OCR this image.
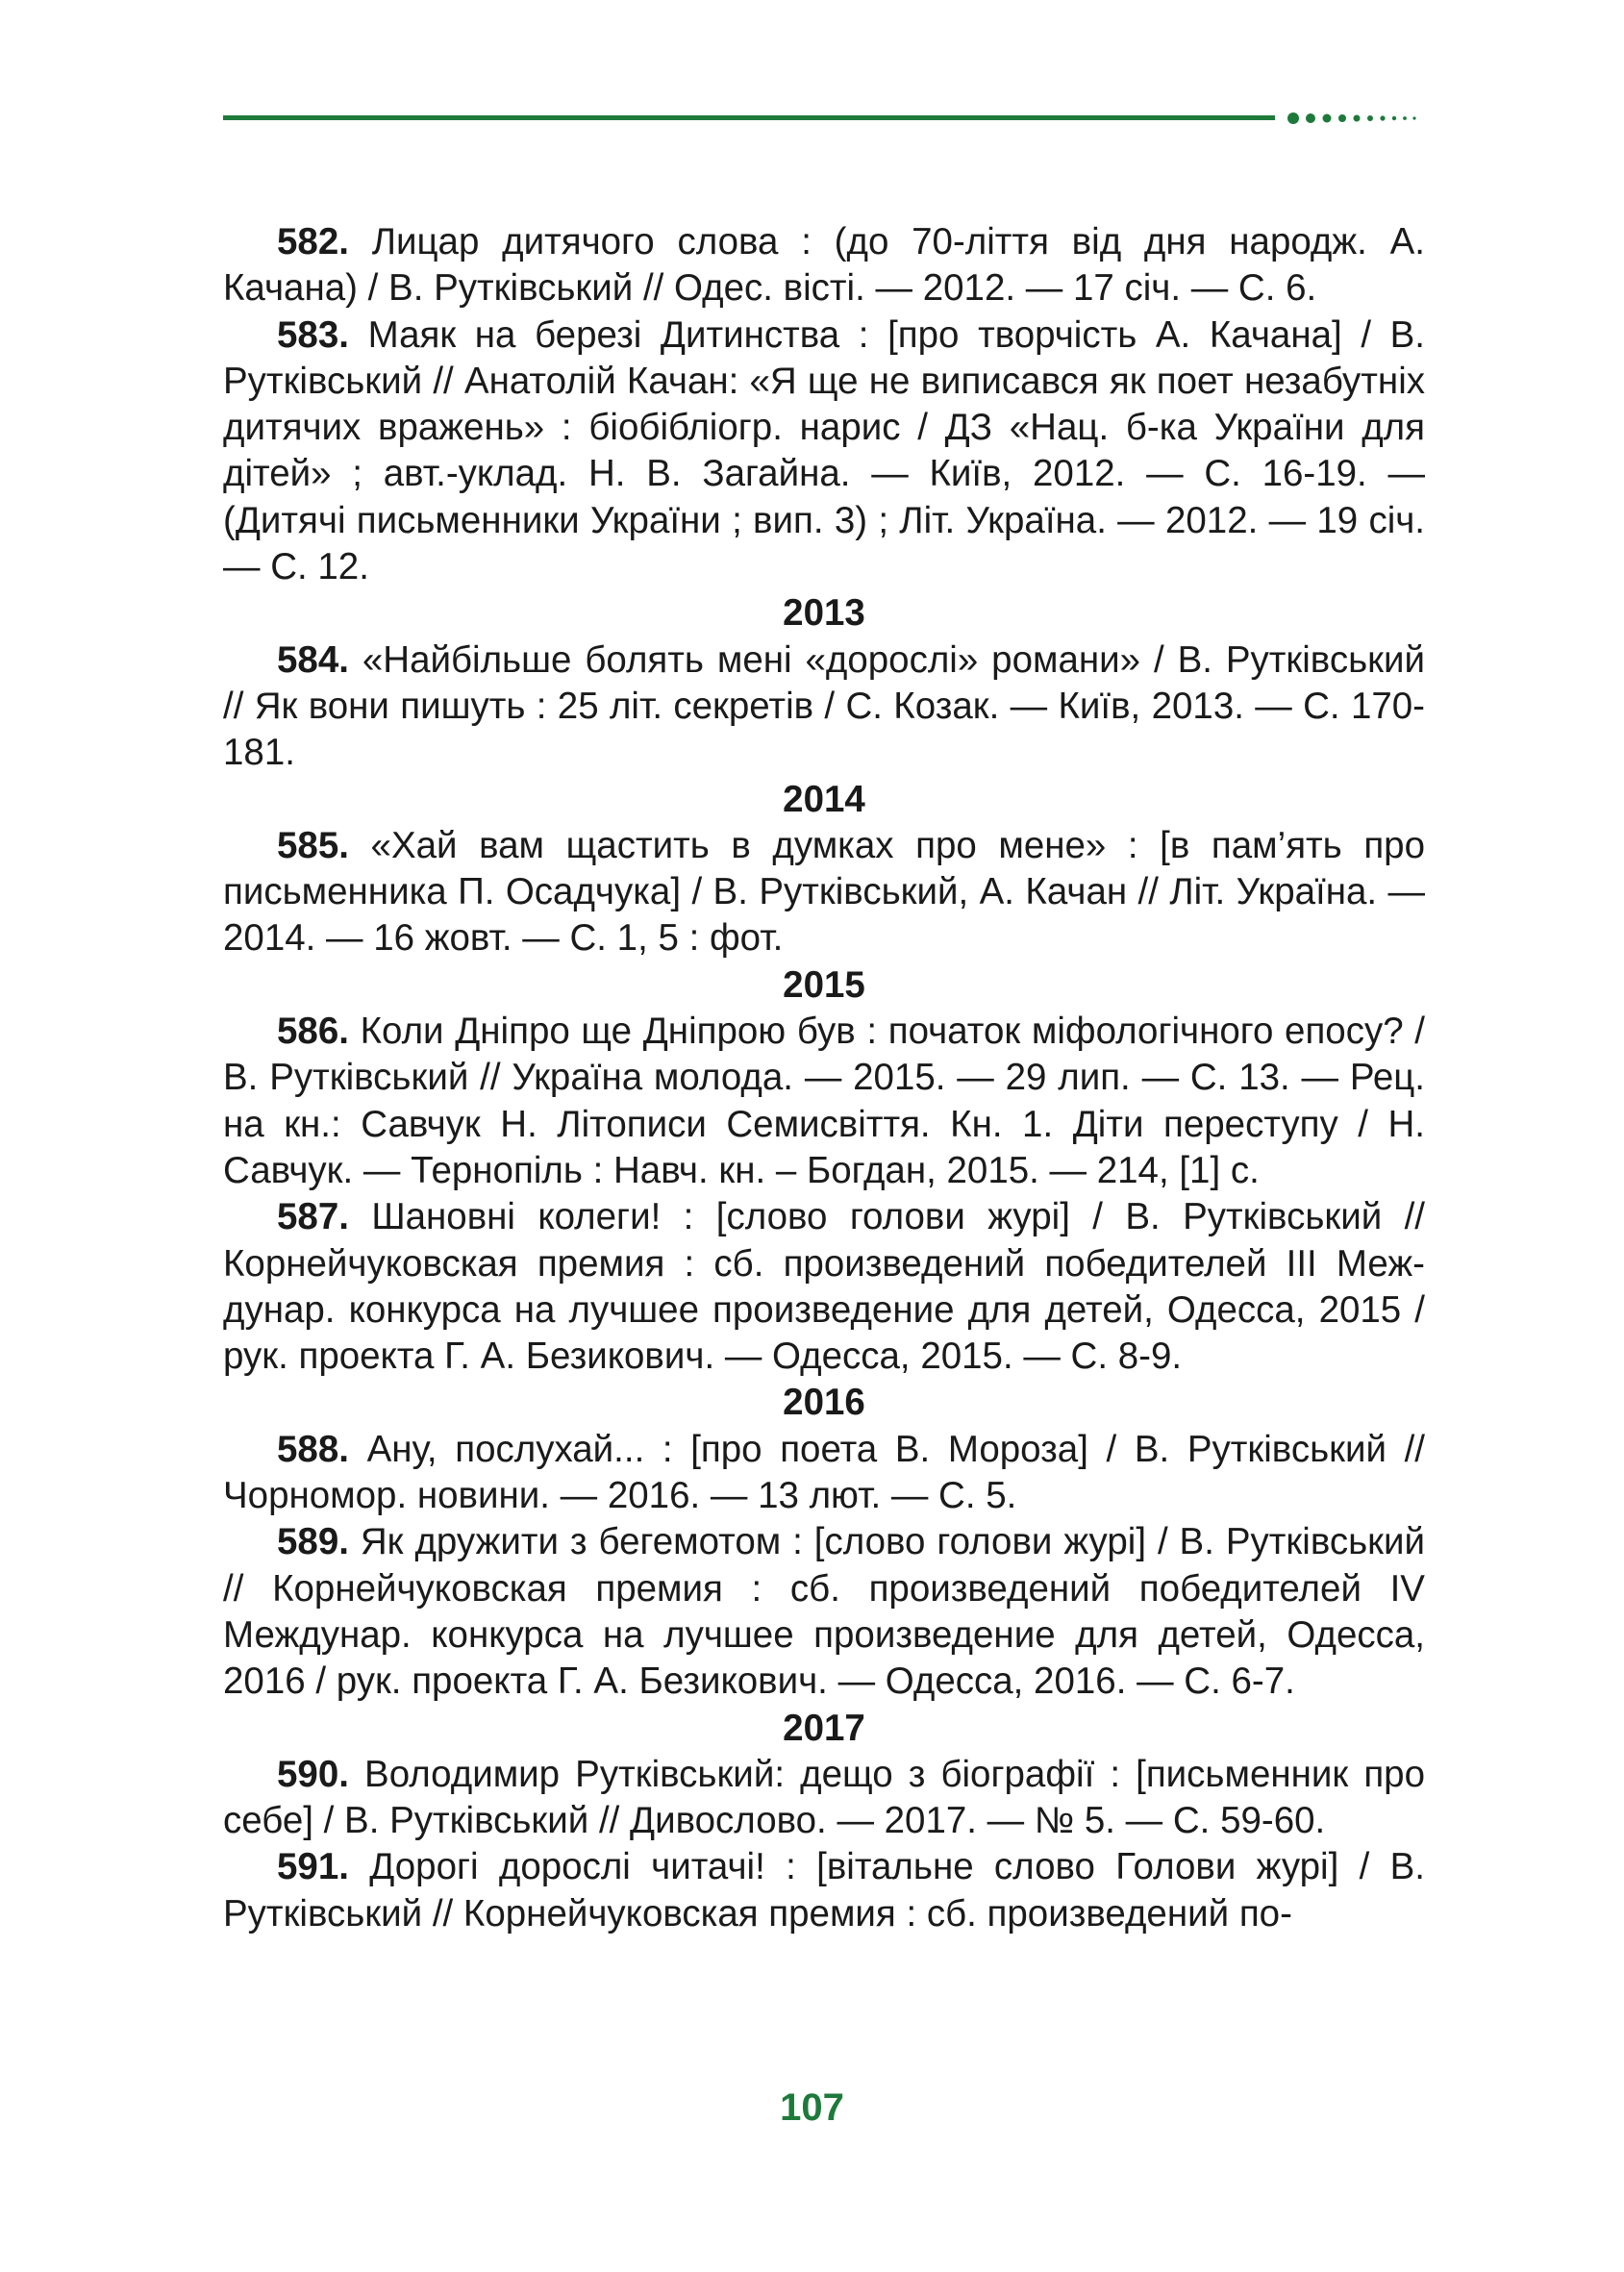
582. Лицар дитячого слова : (до 70-ліття від дня народж. А. Качана) / В. Рутківський // Одес. вісті. — 2012. — 17 січ. — С. 6.

583. Маяк на березі Дитинства : [про творчість А. Качана] / В. Рутківський // Анатолій Качан: «Я ще не виписався як поет незабутніх дитячих вражень» : біобібліогр. нарис / ДЗ «Нац. б-ка України для дітей» ; авт.-уклад. Н. В. Загайна. — Київ, 2012. — С. 16-19. — (Дитячі письменники України ; вип. 3) ; Літ. Україна. — 2012. — 19 січ. — С. 12.

2013

584. «Найбільше болять мені «дорослі» романи» / В. Рутківський // Як вони пишуть : 25 літ. секретів / С. Козак. — Київ, 2013. — С. 170-181.

2014

585. «Хай вам щастить в думках про мене» : [в пам’ять про письменника П. Осадчука] / В. Рутківський, А. Качан // Літ. Україна. — 2014. — 16 жовт. — С. 1, 5 : фот.

2015

586. Коли Дніпро ще Дніпрою був : початок міфологічного епосу? / В. Рутківський // Україна молода. — 2015. — 29 лип. — С. 13. — Рец. на кн.: Савчук Н. Літописи Семисвіття. Кн. 1. Діти переступу / Н. Савчук. — Тернопіль : Навч. кн. – Богдан, 2015. — 214, [1] с.

587. Шановні колеги! : [слово голови журі] / В. Рутківський // Корнейчуковская премия : сб. произведений победителей III Междунар. конкурса на лучшее произведение для детей, Одесса, 2015 / рук. проекта Г. А. Безикович. — Одесса, 2015. — С. 8-9.

2016

588. Ану, послухай... : [про поета В. Мороза] / В. Рутківський // Чорномор. новини. — 2016. — 13 лют. — С. 5.

589. Як дружити з бегемотом : [слово голови журі] / В. Рутківський // Корнейчуковская премия : сб. произведений победителей IV Междунар. конкурса на лучшее произведение для детей, Одесса, 2016 / рук. проекта Г. А. Безикович. — Одесса, 2016. — С. 6-7.

2017

590. Володимир Рутківський: дещо з біографії : [письменник про себе] / В. Рутківський // Дивослово. — 2017. — № 5. — С. 59-60.

591. Дорогі дорослі читачі! : [вітальне слово Голови журі] / В. Рутківський // Корнейчуковская премия : сб. произведений по-

107
